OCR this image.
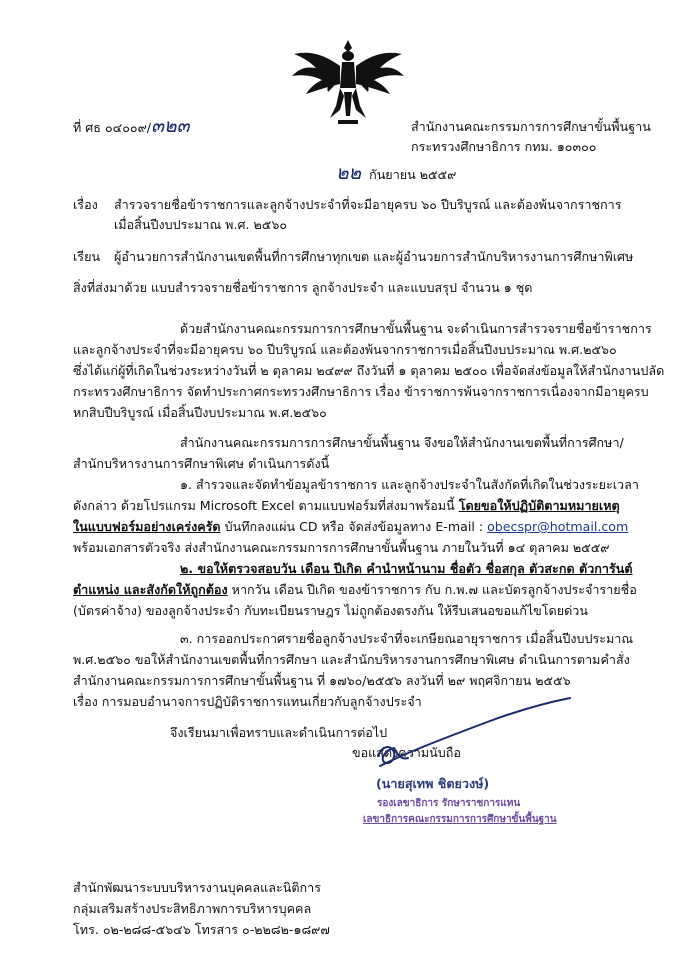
ที่ ศธ ๐๔๐๐๙/๓๒๓	สำนักงานคณะกรรมการการศึกษาขั้นพื้นฐาน
กระทรวงศึกษาธิการ กทม. ๑๐๓๐๐
๒๒ กันยายน ๒๕๕๙
เรื่อง สำรวจรายชื่อข้าราชการและลูกจ้างประจำที่จะมีอายุครบ ๖๐ ปีบริบูรณ์ และต้องพ้นจากราชการ
เมื่อสิ้นปีงบประมาณ พ.ศ. ๒๕๖๐
เรียน ผู้อำนวยการสำนักงานเขตพื้นที่การศึกษาทุกเขต และผู้อำนวยการสำนักบริหารงานการศึกษาพิเศษ
สิ่งที่ส่งมาด้วย แบบสำรวจรายชื่อข้าราชการ ลูกจ้างประจำ และแบบสรุป จำนวน ๑ ชุด
ด้วยสำนักงานคณะกรรมการการศึกษาขั้นพื้นฐาน จะดำเนินการสำรวจรายชื่อข้าราชการ
และลูกจ้างประจำที่จะมีอายุครบ ๖๐ ปีบริบูรณ์ และต้องพ้นจากราชการเมื่อสิ้นปีงบประมาณ พ.ศ.๒๕๖๐
ซึ่งได้แก่ผู้ที่เกิดในช่วงระหว่างวันที่ ๒ ตุลาคม ๒๔๙๙ ถึงวันที่ ๑ ตุลาคม ๒๕๐๐ เพื่อจัดส่งข้อมูลให้สำนักงานปลัด
กระทรวงศึกษาธิการ จัดทำประกาศกระทรวงศึกษาธิการ เรื่อง ข้าราชการพ้นจากราชการเนื่องจากมีอายุครบ
หกสิบปีบริบูรณ์ เมื่อสิ้นปีงบประมาณ พ.ศ.๒๕๖๐
สำนักงานคณะกรรมการการศึกษาขั้นพื้นฐาน จึงขอให้สำนักงานเขตพื้นที่การศึกษา/
สำนักบริหารงานการศึกษาพิเศษ ดำเนินการดังนี้
๑. สำรวจและจัดทำข้อมูลข้าราชการ และลูกจ้างประจำในสังกัดที่เกิดในช่วงระยะเวลา
ดังกล่าว ด้วยโปรแกรม Microsoft Excel ตามแบบฟอร์มที่ส่งมาพร้อมนี้ โดยขอให้ปฏิบัติตามหมายเหตุ
ในแบบฟอร์มอย่างเคร่งครัด บันทึกลงแผ่น CD หรือ จัดส่งข้อมูลทาง E-mail : obecspr@hotmail.com
พร้อมเอกสารตัวจริง ส่งสำนักงานคณะกรรมการการศึกษาขั้นพื้นฐาน ภายในวันที่ ๑๔ ตุลาคม ๒๕๕๙
๒. ขอให้ตรวจสอบวัน เดือน ปีเกิด คำนำหน้านาม ชื่อตัว ชื่อสกุล ตัวสะกด ตัวการันต์
ตำแหน่ง และสังกัดให้ถูกต้อง หากวัน เดือน ปีเกิด ของข้าราชการ กับ ก.พ.๗ และบัตรลูกจ้างประจำรายชื่อ
(บัตรค่าจ้าง) ของลูกจ้างประจำ กับทะเบียนราษฎร ไม่ถูกต้องตรงกัน ให้รีบเสนอขอแก้ไขโดยด่วน
๓. การออกประกาศรายชื่อลูกจ้างประจำที่จะเกษียณอายุราชการ เมื่อสิ้นปีงบประมาณ
พ.ศ.๒๕๖๐ ขอให้สำนักงานเขตพื้นที่การศึกษา และสำนักบริหารงานการศึกษาพิเศษ ดำเนินการตามคำสั่ง
สำนักงานคณะกรรมการการศึกษาขั้นพื้นฐาน ที่ ๑๗๖๐/๒๕๕๖ ลงวันที่ ๒๙ พฤศจิกายน ๒๕๕๖
เรื่อง การมอบอำนาจการปฏิบัติราชการแทนเกี่ยวกับลูกจ้างประจำ
จึงเรียนมาเพื่อทราบและดำเนินการต่อไป
ขอแสดงความนับถือ
(นายสุเทพ ชิตยวงษ์)
รองเลขาธิการ รักษาราชการแทน
เลขาธิการคณะกรรมการการศึกษาขั้นพื้นฐาน
สำนักพัฒนาระบบบริหารงานบุคคลและนิติการ
กลุ่มเสริมสร้างประสิทธิภาพการบริหารบุคคล
โทร. ๐๒-๒๘๘-๕๖๔๖ โทรสาร ๐-๒๒๘๒-๑๘๙๗
